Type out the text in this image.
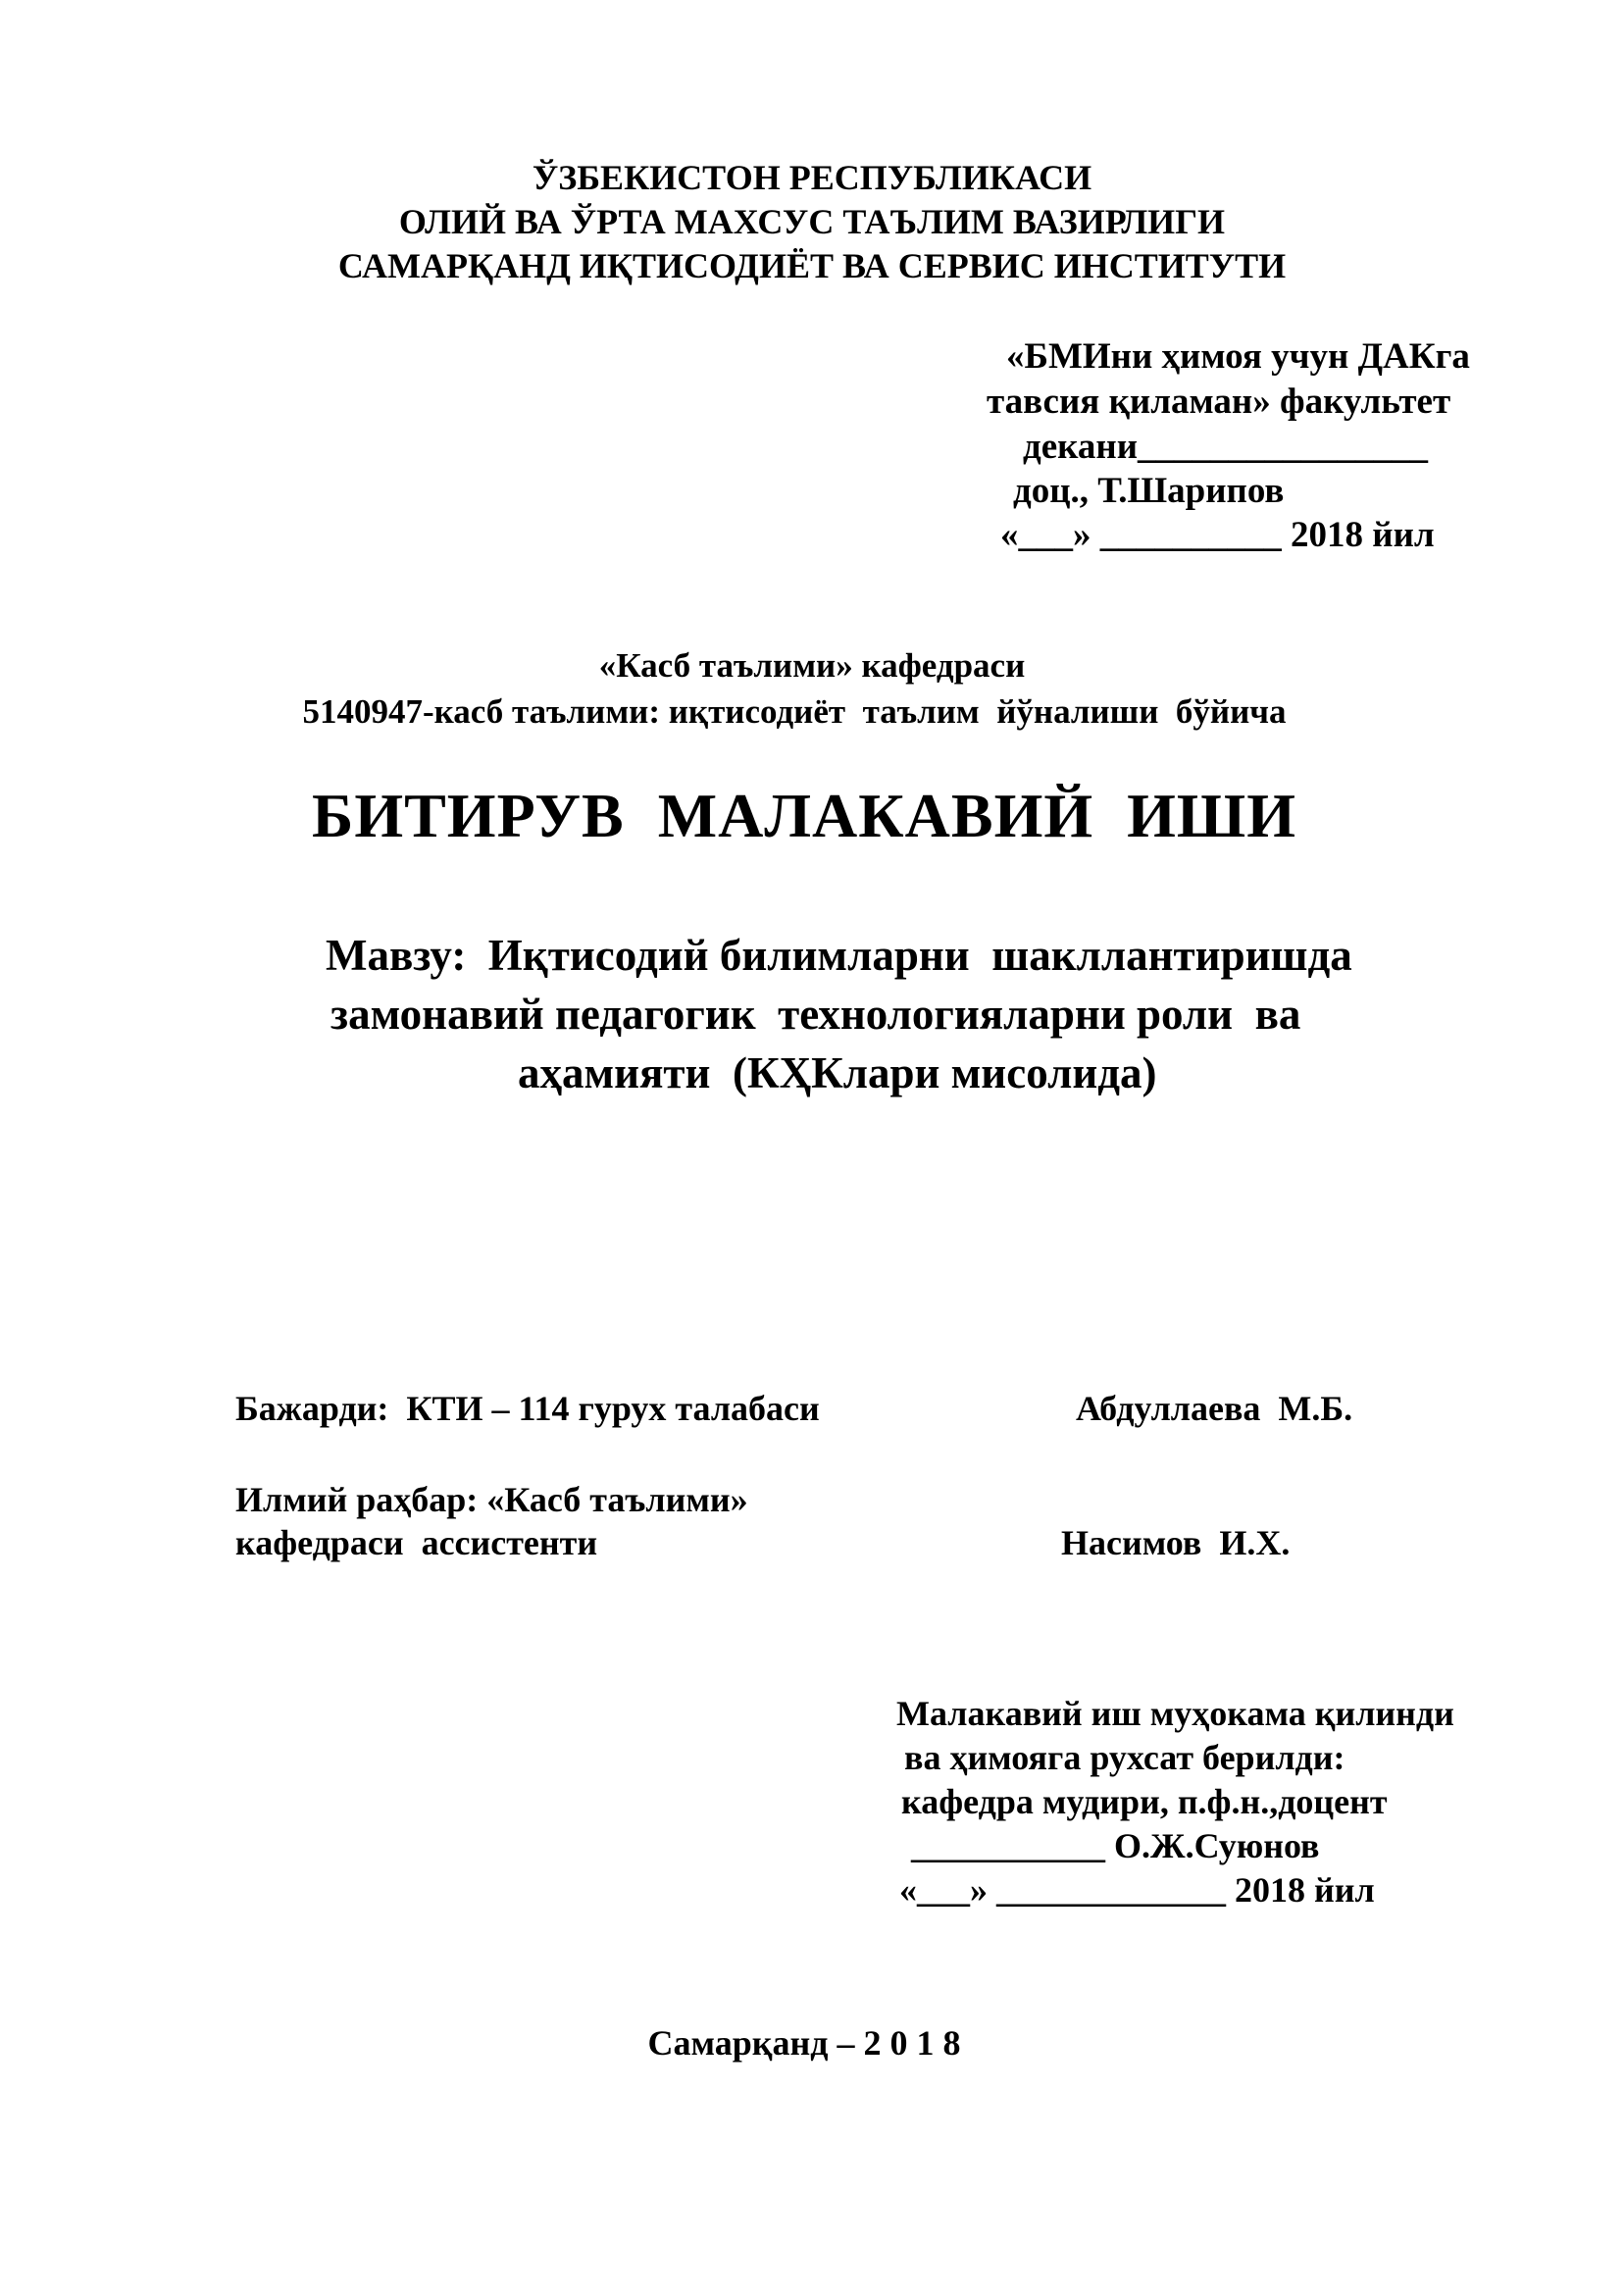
ЎЗБЕКИСТОН РЕСПУБЛИКАСИ
ОЛИЙ ВА ЎРТА МАХСУС ТАЪЛИМ ВАЗИРЛИГИ
САМАРҚАНД ИҚТИСОДИЁТ ВА СЕРВИС ИНСТИТУТИ
«БМИни ҳимоя учун ДАКга
тавсия қиламан» факультет
декани________________
доц., Т.Шарипов
«___» __________ 2018 йил
«Касб таълими» кафедраси
5140947-касб таълими: иқтисодиёт  таълим  йўналиши  бўйича
БИТИРУВ  МАЛАКАВИЙ  ИШИ
Мавзу:  Иқтисодий билимларни  шакллантиришда
замонавий педагогик  технологияларни роли  ва
аҳамияти  (КҲКлари мисолида)
Бажарди:  КТИ – 114 гурух талабаси	Абдуллаева  М.Б.
Илмий раҳбар: «Касб таълими»
кафедраси  ассистенти	Насимов  И.Х.
Малакавий иш муҳокама қилинди
ва ҳимояга рухсат берилди:
кафедра мудири, п.ф.н.,доцент
___________ О.Ж.Суюнов
«___» _____________ 2018 йил
Самарқанд – 2 0 1 8
